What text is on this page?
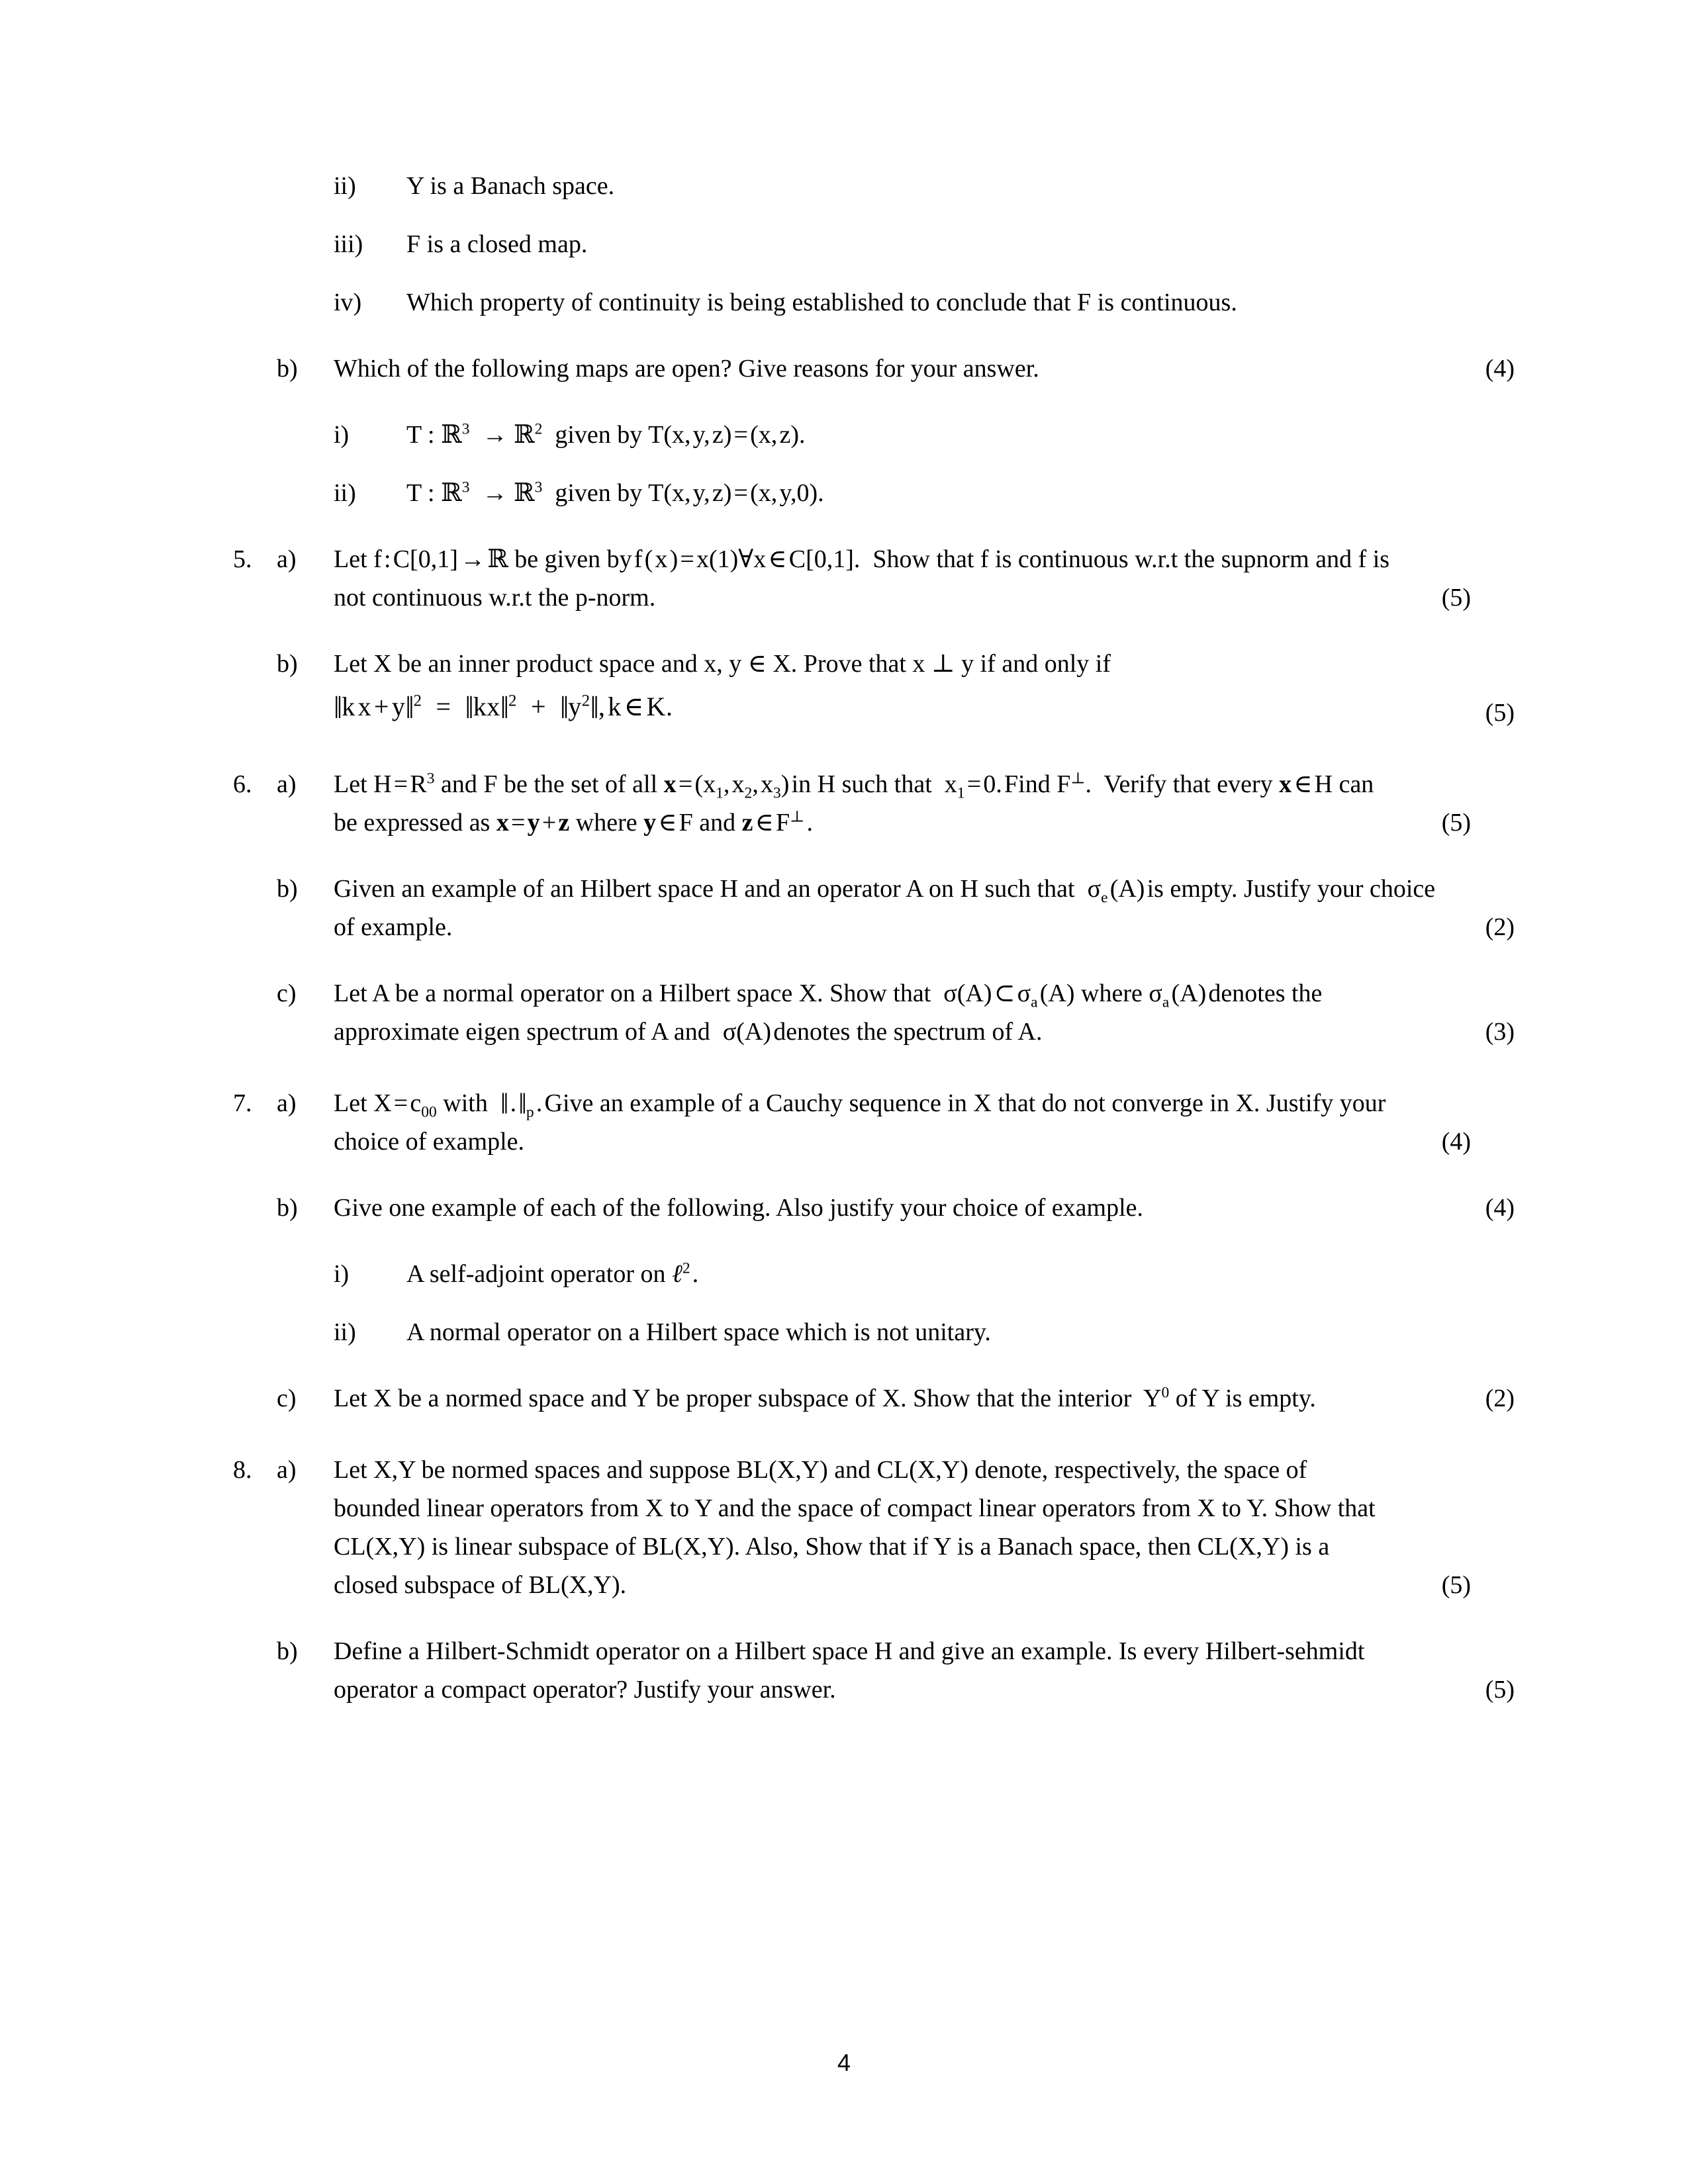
ii)	Y is a Banach space.
iii)	F is a closed map.
iv)	Which property of continuity is being established to conclude that F is continuous.
b)	Which of the following maps are open? Give reasons for your answer.	(4)
i)	T : ℝ$^3$ → ℝ$^2$ given by T(x, y, z) = (x, z).
ii)	T : ℝ$^3$ → ℝ$^3$ given by T(x, y, z) = (x, y,0).
5. a)	Let f : C[0,1] → ℝ be given by f ( x ) = x(1)∀x ∈ C[0,1]. Show that f is continuous w.r.t the supnorm and f is not continuous w.r.t the p-norm.	(5)
b)	Let X be an inner product space and x, y ∈ X. Prove that x ⊥ y if and only if
‖k x + y‖$^2$ = ‖kx‖$^2$ + $‖y^2‖$, k ∈ K.	(5)
6. a)	Let H = $R^3$ and F be the set of all x = ($x_1$, $x_2$, $x_3$) in H such that  $x_1$ = 0. Find F⊥. Verify that every x ∈ H can be expressed as x = y + z where y ∈ F and z ∈ F⊥ .	(5)
b)	Given an example of an Hilbert space H and an operator A on H such that  $\sigma_e$ (A) is empty. Justify your choice of example.	(2)
c)	Let A be a normal operator on a Hilbert space X. Show that  σ(A) ⊂ $\sigma_a$ (A) where $\sigma_a$ (A) denotes the approximate eigen spectrum of A and  σ(A) denotes the spectrum of A.	(3)
7. a)	Let X = $c_{00}$ with  ‖ . $‖_p$ . Give an example of a Cauchy sequence in X that do not converge in X. Justify your choice of example.	(4)
b)	Give one example of each of the following. Also justify your choice of example.	(4)
i)	A self-adjoint operator on ℓ$^2$ .
ii)	A normal operator on a Hilbert space which is not unitary.
c)	Let X be a normed space and Y be proper subspace of X. Show that the interior  $Y^0$ of Y is empty.	(2)
8. a)	Let X,Y be normed spaces and suppose BL(X,Y) and CL(X,Y) denote, respectively, the space of bounded linear operators from X to Y and the space of compact linear operators from X to Y. Show that CL(X,Y) is linear subspace of BL(X,Y). Also, Show that if Y is a Banach space, then CL(X,Y) is a closed subspace of BL(X,Y).	(5)
b)	Define a Hilbert-Schmidt operator on a Hilbert space H and give an example. Is every Hilbert-sehmidt operator a compact operator? Justify your answer.	(5)
4
